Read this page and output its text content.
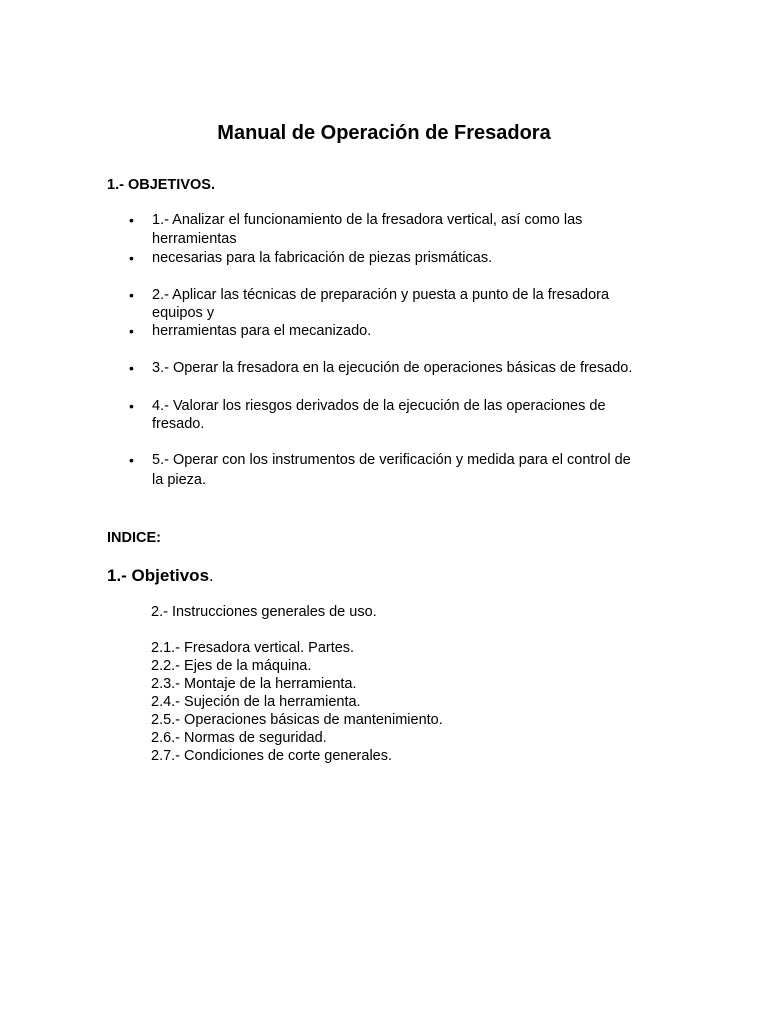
Manual de Operación de Fresadora
1.- OBJETIVOS.
•	1.- Analizar el funcionamiento de la fresadora vertical, así como las
herramientas
•	necesarias para la fabricación de piezas prismáticas.
•	2.- Aplicar las técnicas de preparación y puesta a punto de la fresadora
equipos y
•	herramientas para el mecanizado.
•	3.- Operar la fresadora en la ejecución de operaciones básicas de fresado.
•	4.- Valorar los riesgos derivados de la ejecución de las operaciones de
fresado.
•	5.- Operar con los instrumentos de verificación y medida para el control de
la pieza.
INDICE:

1.- Objetivos.

2.- Instrucciones generales de uso.
2.1.- Fresadora vertical. Partes.
2.2.- Ejes de la máquina.
2.3.- Montaje de la herramienta.
2.4.- Sujeción de la herramienta.
2.5.- Operaciones básicas de mantenimiento.
2.6.- Normas de seguridad.
2.7.- Condiciones de corte generales.
